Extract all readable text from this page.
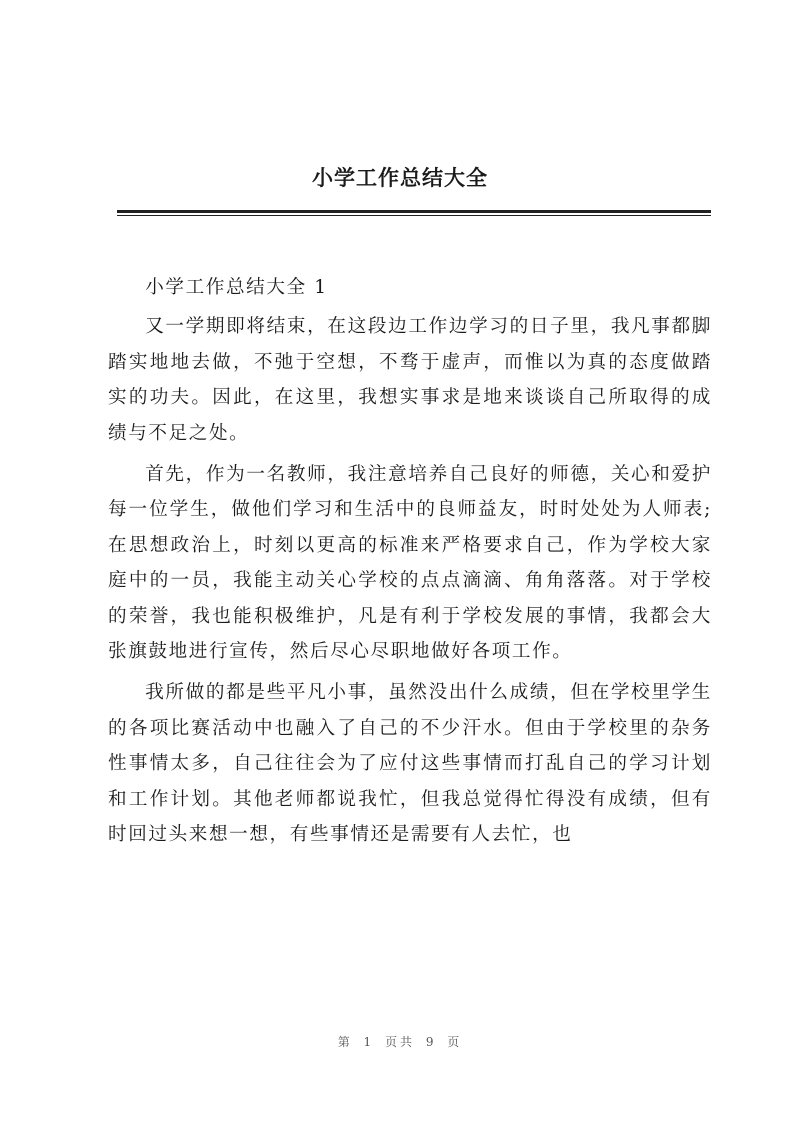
小学工作总结大全

小学工作总结大全 1

又一学期即将结束，在这段边工作边学习的日子里，我凡事都脚踏实地地去做，不弛于空想，不骛于虚声，而惟以为真的态度做踏实的功夫。因此，在这里，我想实事求是地来谈谈自己所取得的成绩与不足之处。

首先，作为一名教师，我注意培养自己良好的师德，关心和爱护每一位学生，做他们学习和生活中的良师益友，时时处处为人师表;在思想政治上，时刻以更高的标准来严格要求自己，作为学校大家庭中的一员，我能主动关心学校的点点滴滴、角角落落。对于学校的荣誉，我也能积极维护，凡是有利于学校发展的事情，我都会大张旗鼓地进行宣传，然后尽心尽职地做好各项工作。

我所做的都是些平凡小事，虽然没出什么成绩，但在学校里学生的各项比赛活动中也融入了自己的不少汗水。但由于学校里的杂务性事情太多，自己往往会为了应付这些事情而打乱自己的学习计划和工作计划。其他老师都说我忙，但我总觉得忙得没有成绩，但有时回过头来想一想，有些事情还是需要有人去忙，也

第 1 页共 9 页
